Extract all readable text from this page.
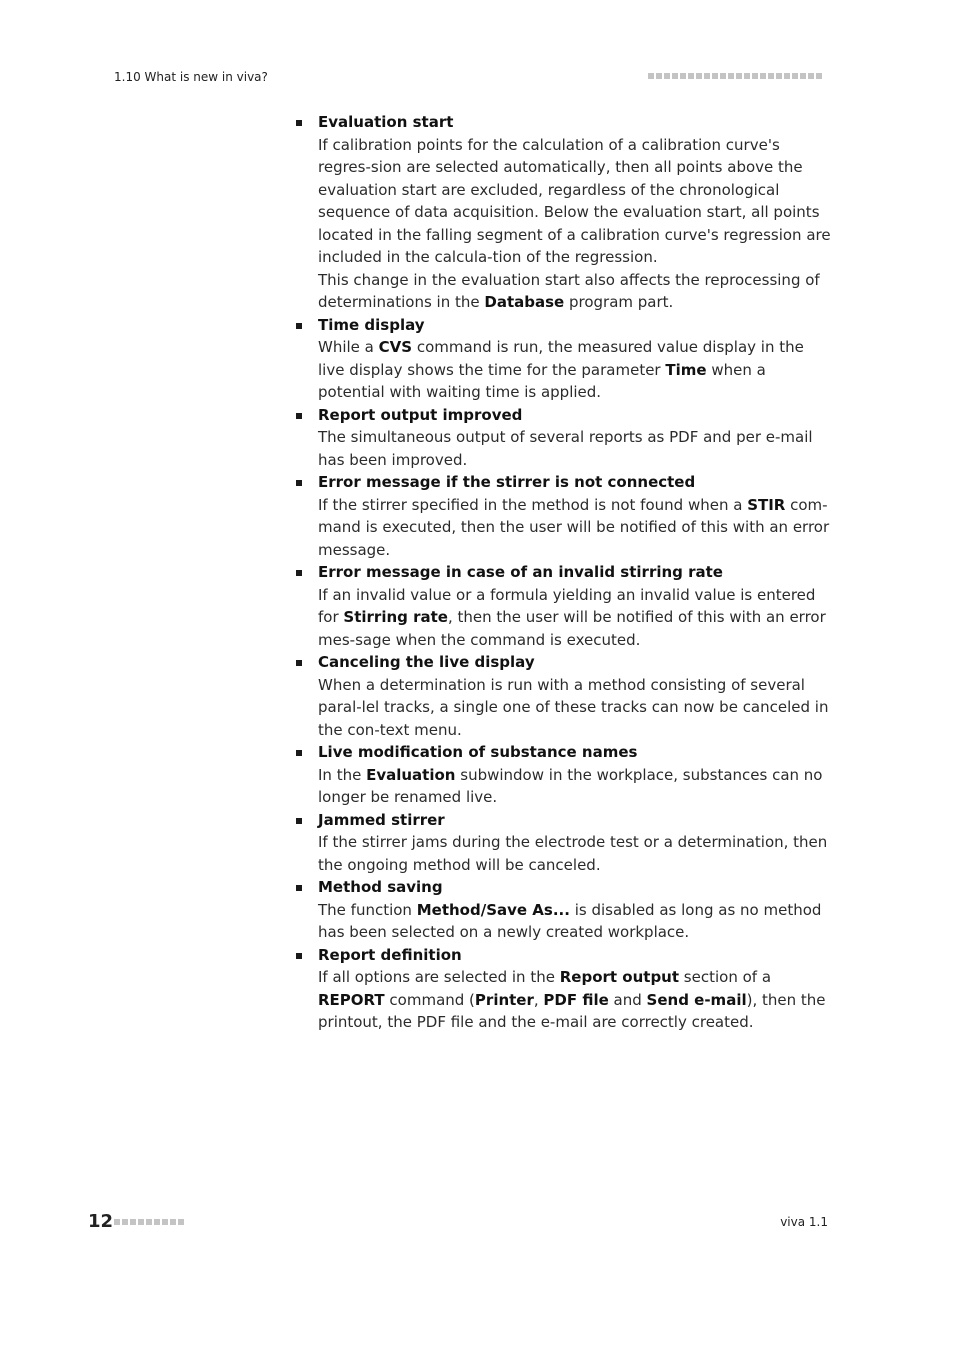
1.10 What is new in viva?
Evaluation start
If calibration points for the calculation of a calibration curve's regres-sion are selected automatically, then all points above the evaluation start are excluded, regardless of the chronological sequence of data acquisition. Below the evaluation start, all points located in the falling segment of a calibration curve's regression are included in the calcula-tion of the regression.
This change in the evaluation start also affects the reprocessing of determinations in the Database program part.
Time display
While a CVS command is run, the measured value display in the live display shows the time for the parameter Time when a potential with waiting time is applied.
Report output improved
The simultaneous output of several reports as PDF and per e-mail has been improved.
Error message if the stirrer is not connected
If the stirrer specified in the method is not found when a STIR com-mand is executed, then the user will be notified of this with an error message.
Error message in case of an invalid stirring rate
If an invalid value or a formula yielding an invalid value is entered for Stirring rate, then the user will be notified of this with an error mes-sage when the command is executed.
Canceling the live display
When a determination is run with a method consisting of several paral-lel tracks, a single one of these tracks can now be canceled in the con-text menu.
Live modification of substance names
In the Evaluation subwindow in the workplace, substances can no longer be renamed live.
Jammed stirrer
If the stirrer jams during the electrode test or a determination, then the ongoing method will be canceled.
Method saving
The function Method/Save As... is disabled as long as no method has been selected on a newly created workplace.
Report definition
If all options are selected in the Report output section of a REPORT command (Printer, PDF file and Send e-mail), then the printout, the PDF file and the e-mail are correctly created.
12	viva 1.1
